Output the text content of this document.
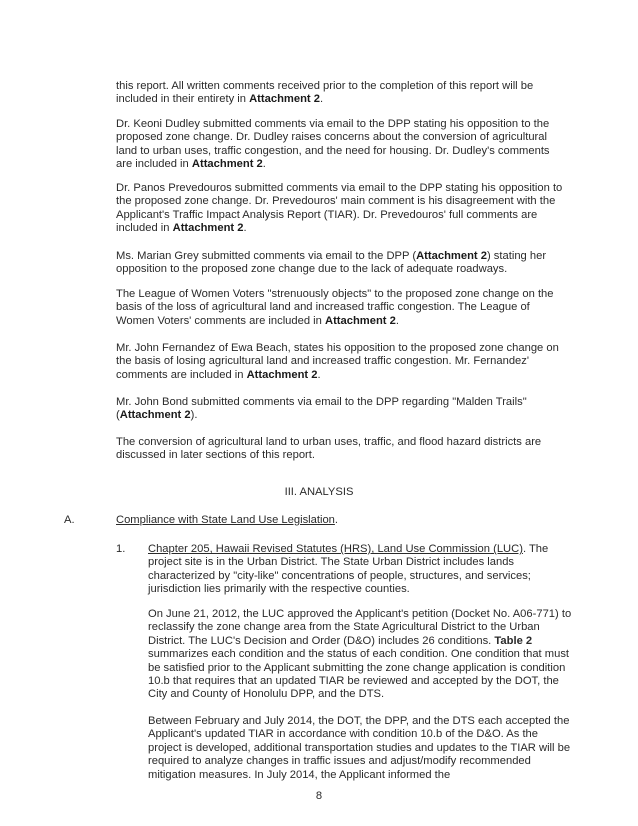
this report. All written comments received prior to the completion of this report will be included in their entirety in Attachment 2.

Dr. Keoni Dudley submitted comments via email to the DPP stating his opposition to the proposed zone change. Dr. Dudley raises concerns about the conversion of agricultural land to urban uses, traffic congestion, and the need for housing. Dr. Dudley's comments are included in Attachment 2.

Dr. Panos Prevedouros submitted comments via email to the DPP stating his opposition to the proposed zone change. Dr. Prevedouros' main comment is his disagreement with the Applicant's Traffic Impact Analysis Report (TIAR). Dr. Prevedouros' full comments are included in Attachment 2.

Ms. Marian Grey submitted comments via email to the DPP (Attachment 2) stating her opposition to the proposed zone change due to the lack of adequate roadways.

The League of Women Voters "strenuously objects" to the proposed zone change on the basis of the loss of agricultural land and increased traffic congestion. The League of Women Voters' comments are included in Attachment 2.

Mr. John Fernandez of Ewa Beach, states his opposition to the proposed zone change on the basis of losing agricultural land and increased traffic congestion. Mr. Fernandez' comments are included in Attachment 2.

Mr. John Bond submitted comments via email to the DPP regarding "Malden Trails" (Attachment 2).

The conversion of agricultural land to urban uses, traffic, and flood hazard districts are discussed in later sections of this report.

III. ANALYSIS
A.	Compliance with State Land Use Legislation.
1. Chapter 205, Hawaii Revised Statutes (HRS), Land Use Commission (LUC). The project site is in the Urban District. The State Urban District includes lands characterized by "city-like" concentrations of people, structures, and services; jurisdiction lies primarily with the respective counties.

On June 21, 2012, the LUC approved the Applicant's petition (Docket No. A06-771) to reclassify the zone change area from the State Agricultural District to the Urban District. The LUC's Decision and Order (D&O) includes 26 conditions. Table 2 summarizes each condition and the status of each condition. One condition that must be satisfied prior to the Applicant submitting the zone change application is condition 10.b that requires that an updated TIAR be reviewed and accepted by the DOT, the City and County of Honolulu DPP, and the DTS.

Between February and July 2014, the DOT, the DPP, and the DTS each accepted the Applicant's updated TIAR in accordance with condition 10.b of the D&O. As the project is developed, additional transportation studies and updates to the TIAR will be required to analyze changes in traffic issues and adjust/modify recommended mitigation measures. In July 2014, the Applicant informed the

8
